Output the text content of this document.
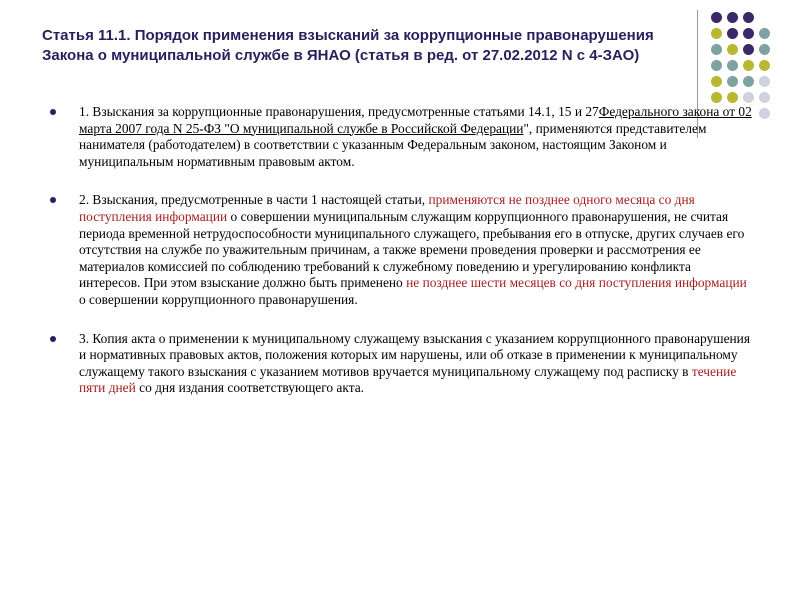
Статья 11.1. Порядок применения взысканий за коррупционные правонарушения Закона о муниципальной службе в ЯНАО (статья в ред. от 27.02.2012 N с 4-ЗАО)
1. Взыскания за коррупционные правонарушения, предусмотренные статьями 14.1, 15 и 27Федерального закона от 02 марта 2007 года N 25-ФЗ "О муниципальной службе в Российской Федерации", применяются представителем нанимателя (работодателем) в соответствии с указанным Федеральным законом, настоящим Законом и муниципальным нормативным правовым актом.
2. Взыскания, предусмотренные в части 1 настоящей статьи, применяются не позднее одного месяца со дня поступления информации о совершении муниципальным служащим коррупционного правонарушения, не считая периода временной нетрудоспособности муниципального служащего, пребывания его в отпуске, других случаев его отсутствия на службе по уважительным причинам, а также времени проведения проверки и рассмотрения ее материалов комиссией по соблюдению требований к служебному поведению и урегулированию конфликта интересов. При этом взыскание должно быть применено не позднее шести месяцев со дня поступления информации о совершении коррупционного правонарушения.
3. Копия акта о применении к муниципальному служащему взыскания с указанием коррупционного правонарушения и нормативных правовых актов, положения которых им нарушены, или об отказе в применении к муниципальному служащему такого взыскания с указанием мотивов вручается муниципальному служащему под расписку в течение пяти дней со дня издания соответствующего акта.
